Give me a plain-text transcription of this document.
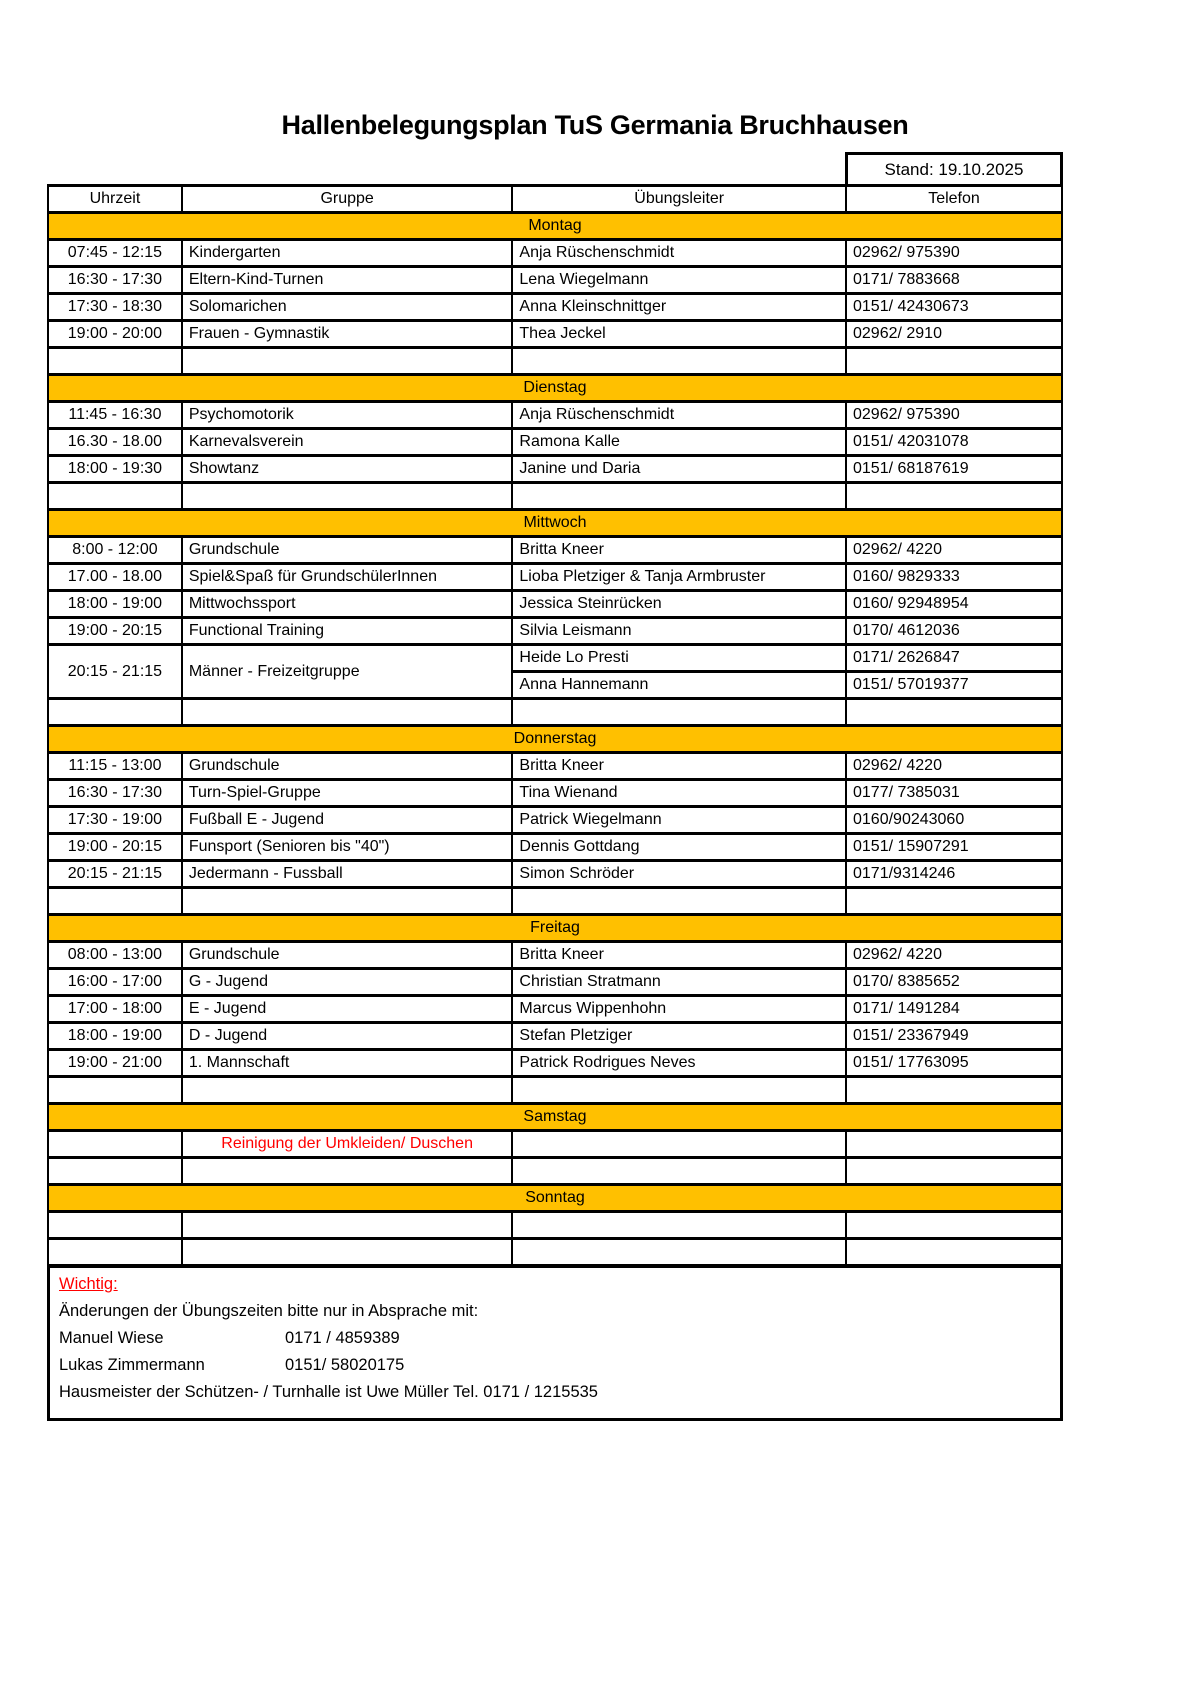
Hallenbelegungsplan TuS Germania Bruchhausen
Stand: 19.10.2025
Uhrzeit	Gruppe	Übungsleiter	Telefon
Montag			
07:45 - 12:15	Kindergarten	Anja Rüschenschmidt	02962/ 975390
16:30 - 17:30	Eltern-Kind-Turnen	Lena Wiegelmann	0171/ 7883668
17:30 - 18:30	Solomarichen	Anna Kleinschnittger	0151/ 42430673
19:00 - 20:00	Frauen - Gymnastik	Thea Jeckel	02962/ 2910

Dienstag			
11:45 - 16:30	Psychomotorik	Anja Rüschenschmidt	02962/ 975390
16.30 - 18.00	Karnevalsverein	Ramona Kalle	0151/ 42031078
18:00 - 19:30	Showtanz	Janine und Daria	0151/ 68187619

Mittwoch			
8:00 - 12:00	Grundschule	Britta Kneer	02962/ 4220
17.00 - 18.00	Spiel&Spaß für GrundschülerInnen	Lioba Pletziger & Tanja Armbruster	0160/ 9829333
18:00 - 19:00	Mittwochssport	Jessica Steinrücken	0160/ 92948954
19:00 - 20:15	Functional Training	Silvia Leismann	0170/ 4612036
20:15 - 21:15	Männer - Freizeitgruppe	Heide Lo Presti	0171/ 2626847
		Anna Hannemann	0151/ 57019377

Donnerstag			
11:15 - 13:00	Grundschule	Britta Kneer	02962/ 4220
16:30 - 17:30	Turn-Spiel-Gruppe	Tina Wienand	0177/ 7385031
17:30 - 19:00	Fußball E - Jugend	Patrick Wiegelmann	0160/90243060
19:00 - 20:15	Funsport (Senioren bis "40")	Dennis Gottdang	0151/ 15907291
20:15 - 21:15	Jedermann - Fussball	Simon Schröder	0171/9314246

Freitag			
08:00 - 13:00	Grundschule	Britta Kneer	02962/ 4220
16:00 - 17:00	G - Jugend	Christian Stratmann	0170/ 8385652
17:00 - 18:00	E - Jugend	Marcus Wippenhohn	0171/ 1491284
18:00 - 19:00	D - Jugend	Stefan Pletziger	0151/ 23367949
19:00 - 21:00	1. Mannschaft	Patrick Rodrigues Neves	0151/ 17763095

Samstag			
	Reinigung der Umkleiden/ Duschen		

Sonntag			

Wichtig:
Änderungen der Übungszeiten bitte nur in Absprache mit:
Manuel Wiese	0171 / 4859389
Lukas Zimmermann	0151/ 58020175
Hausmeister der Schützen- / Turnhalle ist Uwe Müller Tel. 0171 / 1215535
